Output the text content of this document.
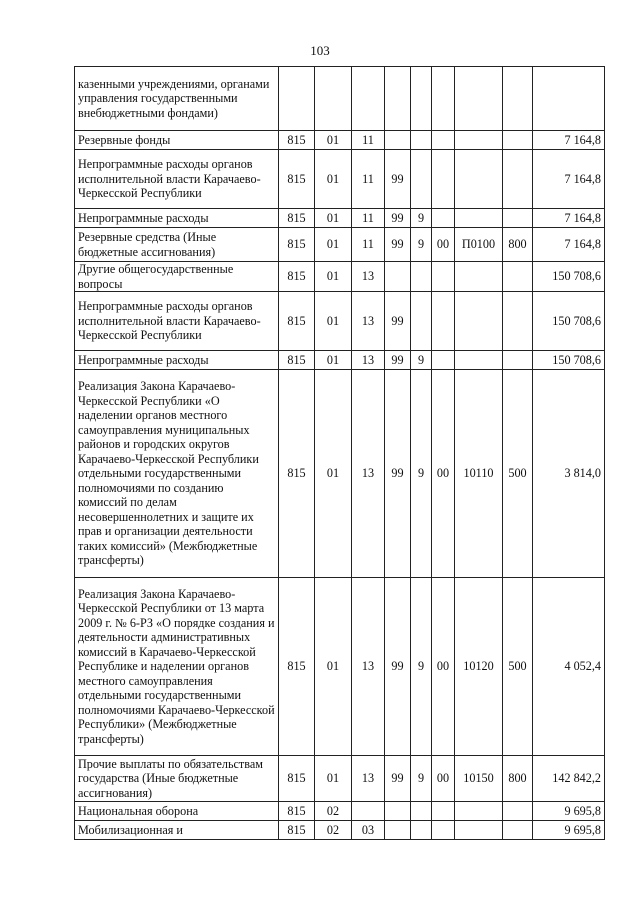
103
казенными учреждениями, органами управления государственными внебюджетными фондами)									
Резервные фонды	815	01	11						7 164,8
Непрограммные расходы органов исполнительной власти Карачаево-Черкесской Республики	815	01	11	99					7 164,8
Непрограммные расходы	815	01	11	99	9				7 164,8
Резервные средства (Иные бюджетные ассигнования)	815	01	11	99	9	00	П0100	800	7 164,8
Другие общегосударственные вопросы	815	01	13						150 708,6
Непрограммные расходы органов исполнительной власти Карачаево-Черкесской Республики	815	01	13	99					150 708,6
Непрограммные расходы	815	01	13	99	9				150 708,6
Реализация Закона Карачаево-Черкесской Республики «О наделении органов местного самоуправления муниципальных районов и городских округов Карачаево-Черкесской Республики отдельными государственными полномочиями по созданию комиссий по делам несовершеннолетних и защите их прав и организации деятельности таких комиссий» (Межбюджетные трансферты)	815	01	13	99	9	00	10110	500	3 814,0
Реализация Закона Карачаево-Черкесской Республики от 13 марта 2009 г. № 6-РЗ «О порядке создания и деятельности административных комиссий в Карачаево-Черкесской Республике и наделении органов местного самоуправления отдельными государственными полномочиями Карачаево-Черкесской Республики» (Межбюджетные трансферты)	815	01	13	99	9	00	10120	500	4 052,4
Прочие выплаты по обязательствам государства (Иные бюджетные ассигнования)	815	01	13	99	9	00	10150	800	142 842,2
Национальная оборона	815	02							9 695,8
Мобилизационная и	815	02	03						9 695,8
